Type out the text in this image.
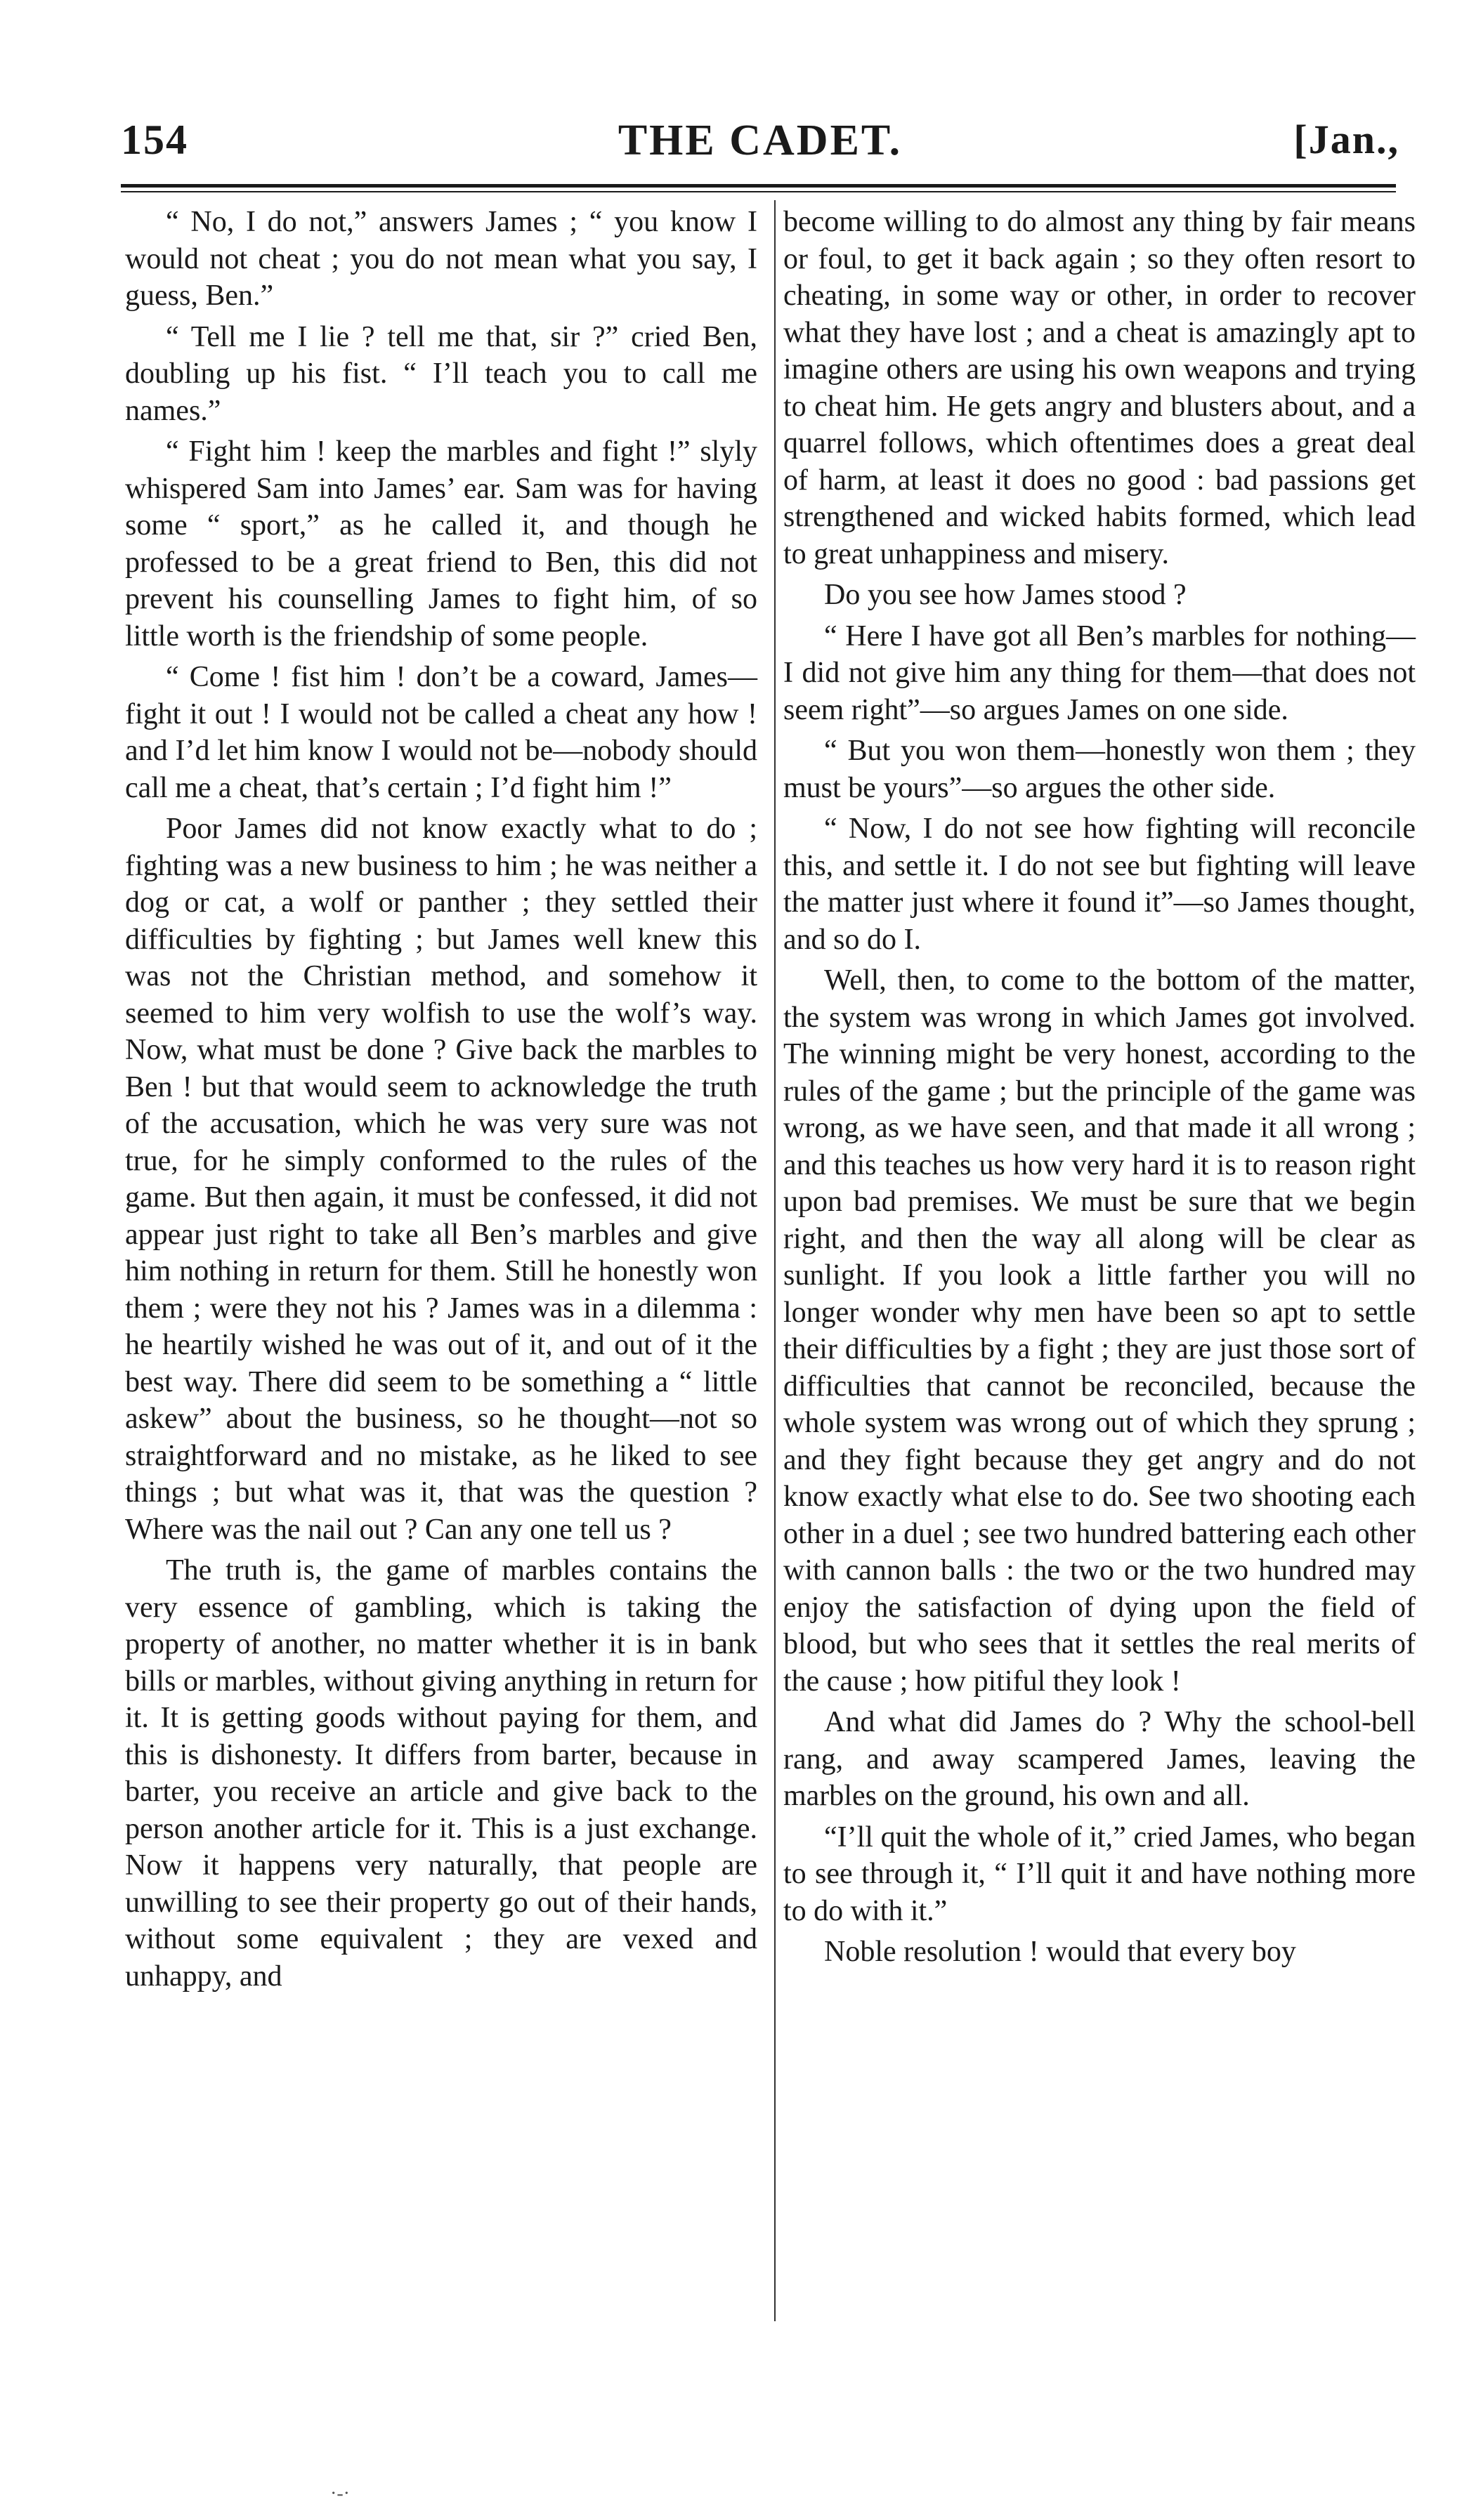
154	THE CADET.	[Jan.,

“ No, I do not,” answers James ; “ you know I would not cheat ; you do not mean what you say, I guess, Ben.”

“ Tell me I lie ? tell me that, sir ?” cried Ben, doubling up his fist. “ I’ll teach you to call me names.”

“ Fight him ! keep the marbles and fight !” slyly whispered Sam into James’ ear. Sam was for having some “ sport,” as he called it, and though he professed to be a great friend to Ben, this did not prevent his counselling James to fight him, of so little worth is the friendship of some people.

“ Come ! fist him ! don’t be a coward, James—fight it out ! I would not be called a cheat any how ! and I’d let him know I would not be—nobody should call me a cheat, that’s certain ; I’d fight him !”

Poor James did not know exactly what to do ; fighting was a new business to him ; he was neither a dog or cat, a wolf or panther ; they settled their difficulties by fighting ; but James well knew this was not the Christian method, and somehow it seemed to him very wolfish to use the wolf’s way. Now, what must be done ? Give back the marbles to Ben ! but that would seem to acknowledge the truth of the accusation, which he was very sure was not true, for he simply conformed to the rules of the game. But then again, it must be confessed, it did not appear just right to take all Ben’s marbles and give him nothing in return for them. Still he honestly won them ; were they not his ? James was in a dilemma : he heartily wished he was out of it, and out of it the best way. There did seem to be something a “ little askew” about the business, so he thought—not so straightforward and no mistake, as he liked to see things ; but what was it, that was the question ? Where was the nail out ? Can any one tell us ?

The truth is, the game of marbles contains the very essence of gambling, which is taking the property of another, no matter whether it is in bank bills or marbles, without giving anything in return for it. It is getting goods without paying for them, and this is dishonesty. It differs from barter, because in barter, you receive an article and give back to the person another article for it. This is a just exchange. Now it happens very naturally, that people are unwilling to see their property go out of their hands, without some equivalent ; they are vexed and unhappy, and

become willing to do almost any thing by fair means or foul, to get it back again ; so they often resort to cheating, in some way or other, in order to recover what they have lost ; and a cheat is amazingly apt to imagine others are using his own weapons and trying to cheat him. He gets angry and blusters about, and a quarrel follows, which oftentimes does a great deal of harm, at least it does no good : bad passions get strengthened and wicked habits formed, which lead to great unhappiness and misery.

Do you see how James stood ?

“ Here I have got all Ben’s marbles for nothing—I did not give him any thing for them—that does not seem right”—so argues James on one side.

“ But you won them—honestly won them ; they must be yours”—so argues the other side.

“ Now, I do not see how fighting will reconcile this, and settle it. I do not see but fighting will leave the matter just where it found it”—so James thought, and so do I.

Well, then, to come to the bottom of the matter, the system was wrong in which James got involved. The winning might be very honest, according to the rules of the game ; but the principle of the game was wrong, as we have seen, and that made it all wrong ; and this teaches us how very hard it is to reason right upon bad premises. We must be sure that we begin right, and then the way all along will be clear as sunlight. If you look a little farther you will no longer wonder why men have been so apt to settle their difficulties by a fight ; they are just those sort of difficulties that cannot be reconciled, because the whole system was wrong out of which they sprung ; and they fight because they get angry and do not know exactly what else to do. See two shooting each other in a duel ; see two hundred battering each other with cannon balls : the two or the two hundred may enjoy the satisfaction of dying upon the field of blood, but who sees that it settles the real merits of the cause ; how pitiful they look !

And what did James do ? Why the school-bell rang, and away scampered James, leaving the marbles on the ground, his own and all.

“I’ll quit the whole of it,” cried James, who began to see through it, “ I’ll quit it and have nothing more to do with it.”

Noble resolution ! would that every boy

·-·
